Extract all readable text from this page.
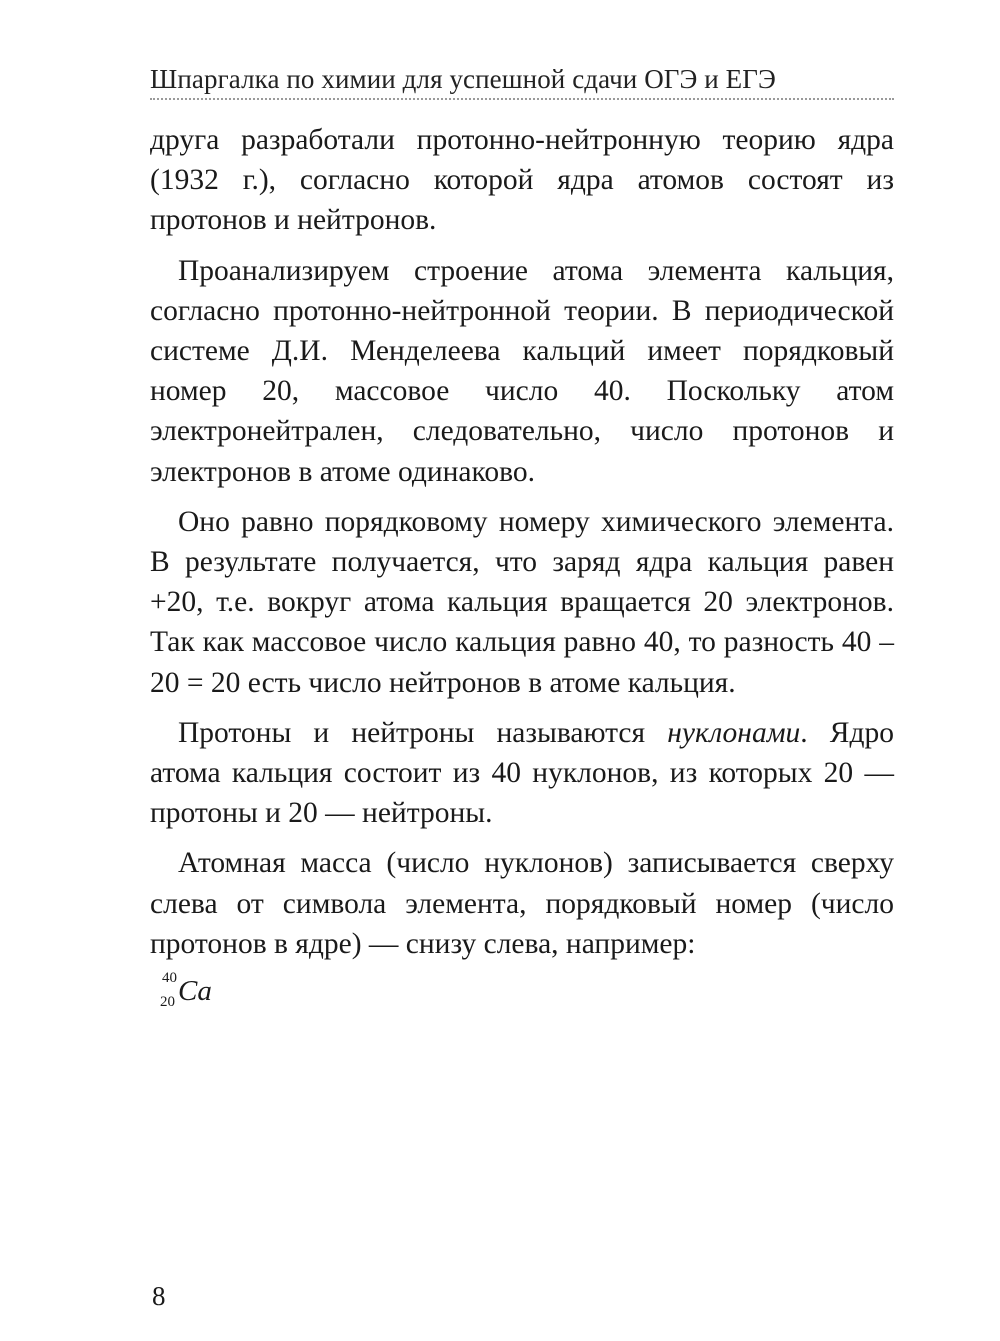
Шпаргалка по химии для успешной сдачи ОГЭ и ЕГЭ

друга разработали протонно-нейтронную теорию ядра (1932 г.), согласно которой ядра атомов состоят из протонов и нейтронов.

Проанализируем строение атома элемента кальция, согласно протонно-нейтронной теории. В периодической системе Д.И. Менделеева кальций имеет порядковый номер 20, массовое число 40. Поскольку атом электронейтрален, следовательно, число протонов и электронов в атоме одинаково.

Оно равно порядковому номеру химического элемента. В результате получается, что заряд ядра кальция равен +20, т.е. вокруг атома кальция вращается 20 электронов. Так как массовое число кальция равно 40, то разность 40 – 20 = 20 есть число нейтронов в атоме кальция.

Протоны и нейтроны называются нуклонами. Ядро атома кальция состоит из 40 нуклонов, из которых 20 — протоны и 20 — нейтроны.

Атомная масса (число нуклонов) записывается сверху слева от символа элемента, порядковый номер (число протонов в ядре) — снизу слева, например:

40
20 Ca
8
